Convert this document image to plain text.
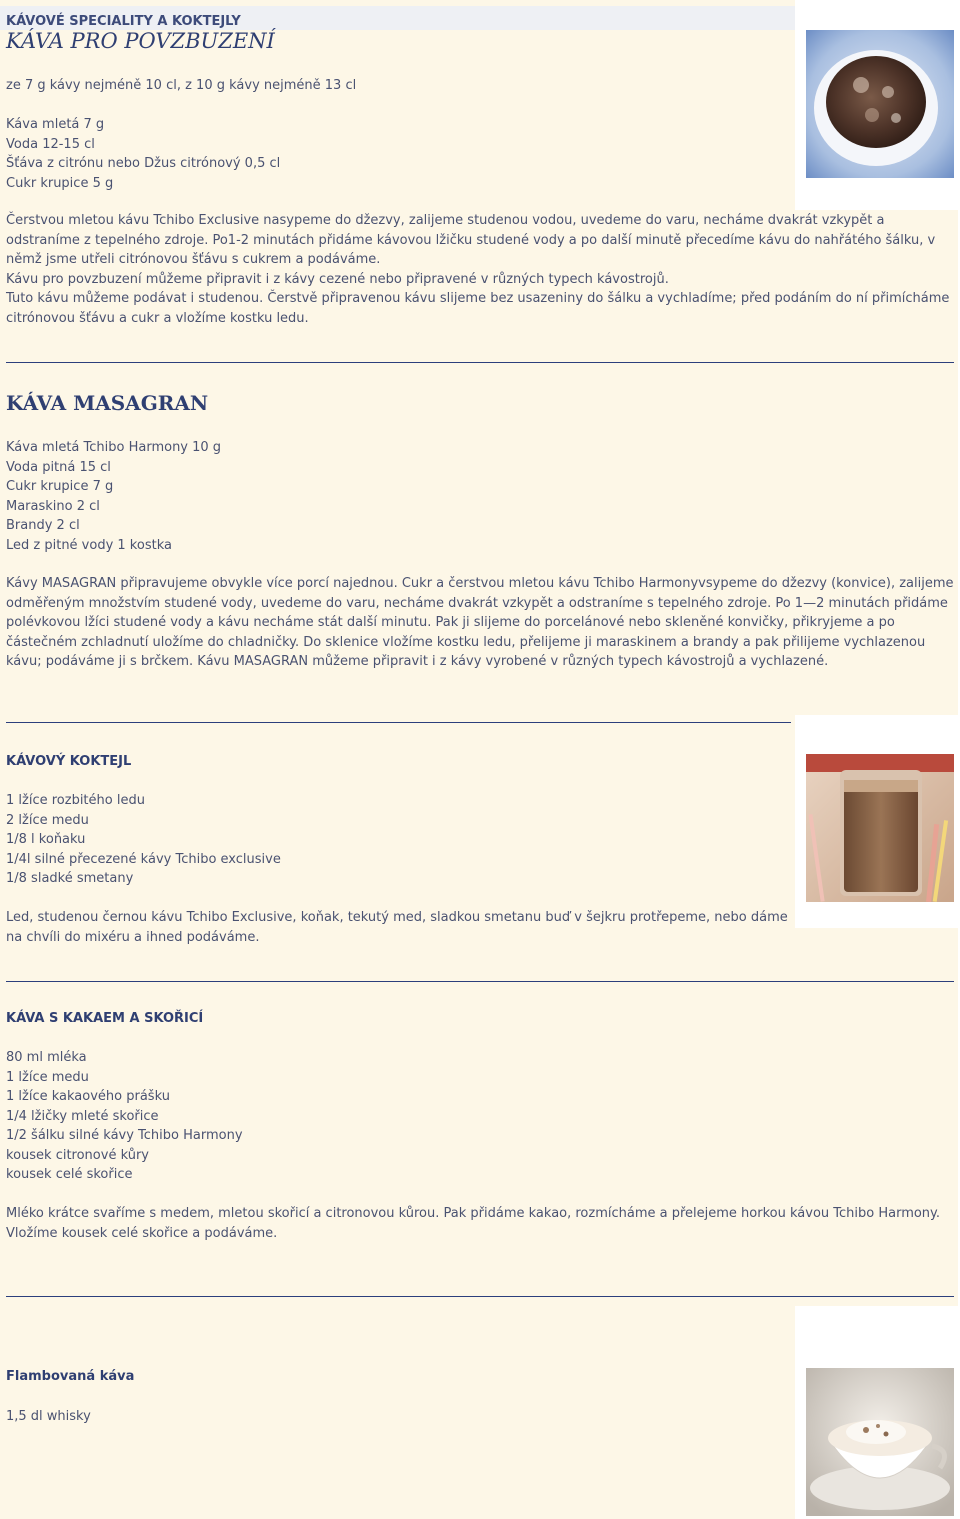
KÁVOVÉ SPECIALITY A KOKTEJLY
KÁVA PRO POVZBUZENÍ
ze 7 g kávy nejméně 10 cl, z 10 g kávy nejméně 13 cl

Káva mletá 7 g

Voda 12-15 cl

Šťáva z citrónu nebo Džus citrónový 0,5 cl

Cukr krupice 5 g

Čerstvou mletou kávu Tchibo Exclusive nasypeme do džezvy, zalijeme studenou vodou, uvedeme do varu, necháme dvakrát vzkypět a odstraníme z tepelného zdroje. Po1-2 minutách přidáme kávovou lžičku studené vody a po další minutě přecedíme kávu do nahřátého šálku, v němž jsme utřeli citrónovou šťávu s cukrem a podáváme.

Kávu pro povzbuzení můžeme připravit i z kávy cezené nebo připravené v různých typech kávostrojů.

Tuto kávu můžeme podávat i studenou. Čerstvě připravenou kávu slijeme bez usazeniny do šálku a vychladíme; před podáním do ní přimícháme citrónovou šťávu a cukr a vložíme kostku ledu.

KÁVA MASAGRAN

Káva mletá Tchibo Harmony 10 g

Voda pitná 15 cl

Cukr krupice 7 g

Maraskino 2 cl

Brandy 2 cl

Led z pitné vody 1 kostka

Kávy MASAGRAN připravujeme obvykle více porcí najednou. Cukr a čerstvou mletou kávu Tchibo Harmonyvsypeme do džezvy (konvice), zalijeme odměřeným množstvím studené vody, uvedeme do varu, necháme dvakrát vzkypět a odstraníme s tepelného zdroje. Po 1—2 minutách přidáme polévkovou lžíci studené vody a kávu necháme stát další minutu. Pak ji slijeme do porcelánové nebo skleněné konvičky, přikryjeme a po částečném zchladnutí uložíme do chladničky. Do sklenice vložíme kostku ledu, přelijeme ji maraskinem a brandy a pak přilijeme vychlazenou kávu; podáváme ji s brčkem. Kávu MASAGRAN můžeme připravit i z kávy vyrobené v různých typech kávostrojů a vychlazené.
KÁVOVÝ KOKTEJL

1 lžíce rozbitého ledu

2 lžíce medu

1/8 l koňaku

1/4l silné přecezené kávy Tchibo exclusive

1/8 sladké smetany

Led, studenou černou kávu Tchibo Exclusive, koňak, tekutý med, sladkou smetanu buď v šejkru protřepeme, nebo dáme na chvíli do mixéru a ihned podáváme.
KÁVA S KAKAEM A SKOŘICÍ

80 ml mléka

1 lžíce medu

1 lžíce kakaového prášku

1/4 lžičky mleté skořice

1/2 šálku silné kávy Tchibo Harmony

kousek citronové kůry

kousek celé skořice

Mléko krátce svaříme s medem, mletou skořicí a citronovou kůrou. Pak přidáme kakao, rozmícháme a přelejeme horkou kávou Tchibo Harmony. Vložíme kousek celé skořice a podáváme.
Flambovaná káva

1,5 dl whisky
